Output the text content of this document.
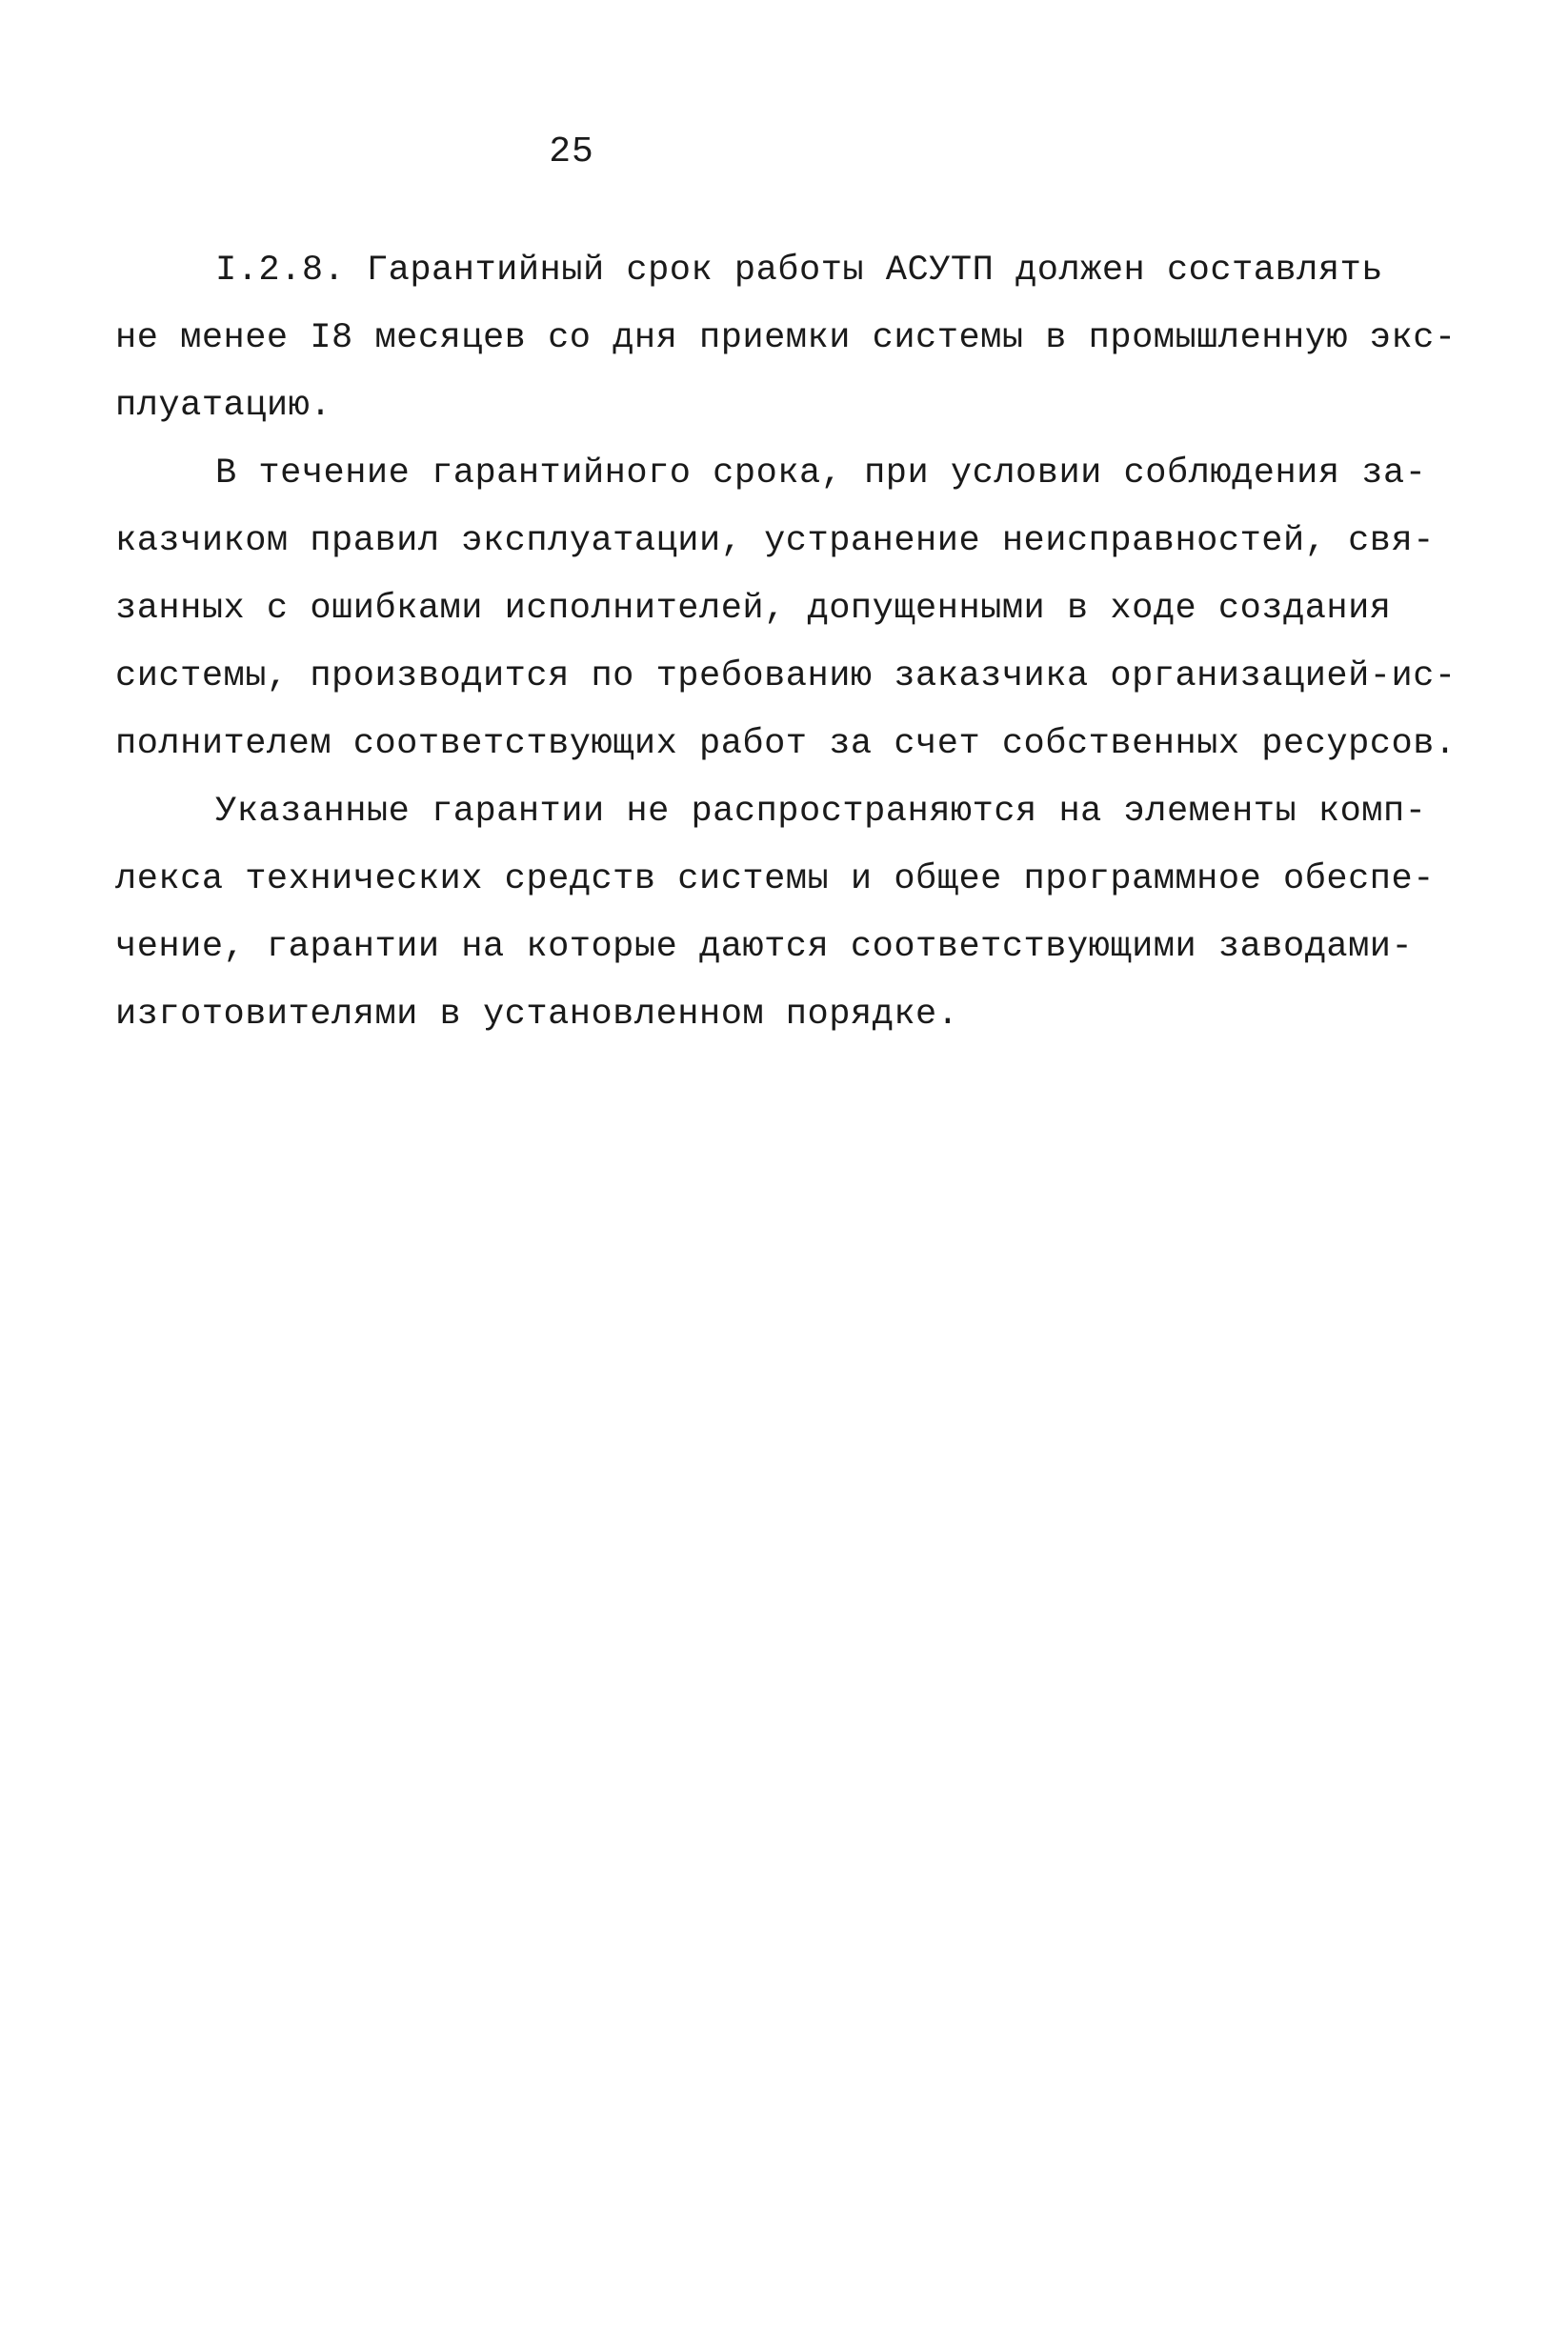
25
I.2.8. Гарантийный срок работы АСУТП должен составлять
не менее I8 месяцев со дня приемки системы в промышленную экс-
плуатацию.
В течение гарантийного срока, при условии соблюдения за-
казчиком правил эксплуатации, устранение неисправностей, свя-
занных с ошибками исполнителей, допущенными в ходе создания
системы, производится по требованию заказчика организацией-ис-
полнителем соответствующих работ за счет собственных ресурсов.
Указанные гарантии не распространяются на элементы комп-
лекса технических средств системы и общее программное обеспе-
чение, гарантии на которые даются соответствующими заводами-
изготовителями в установленном порядке.
